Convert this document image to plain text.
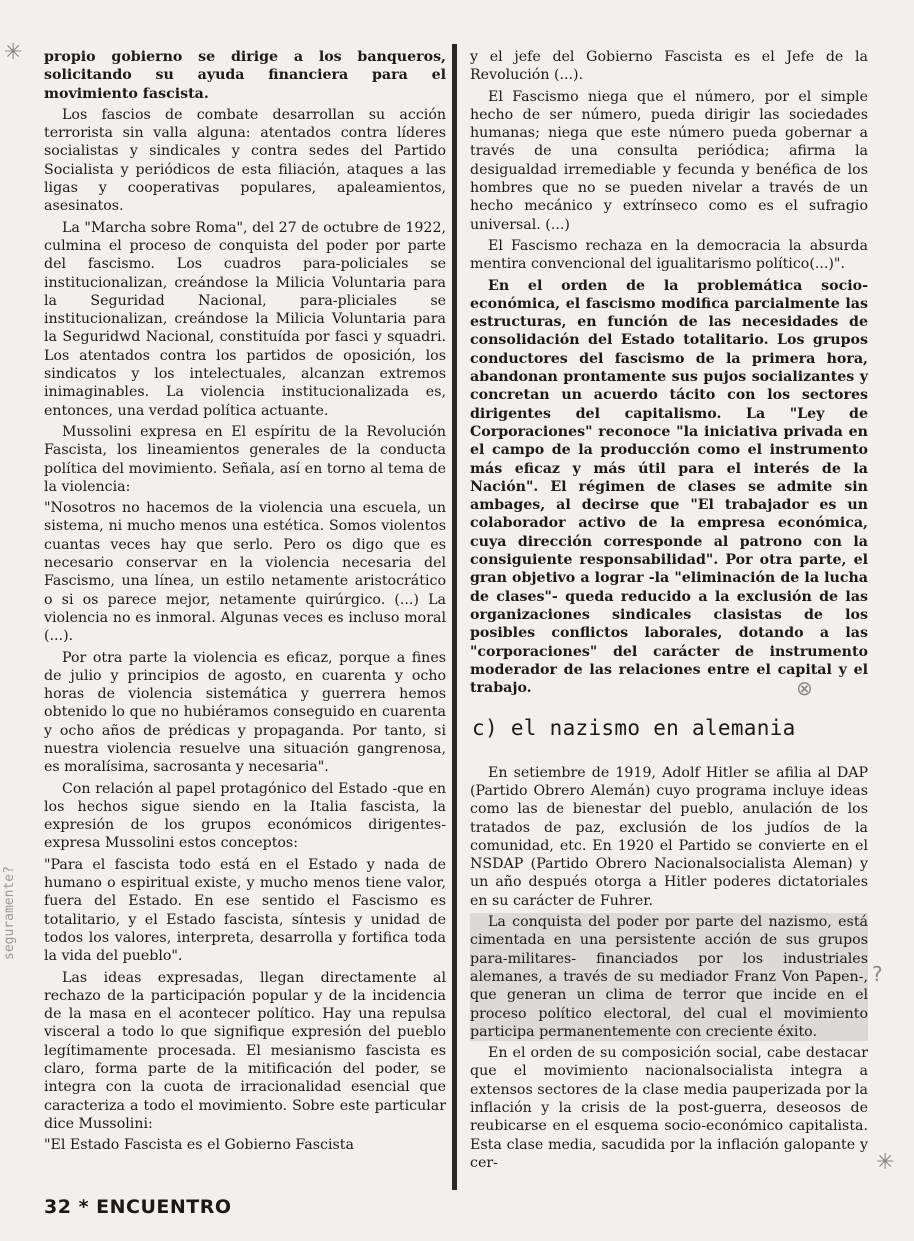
✳
✳
⊗
?
seguramente?

propio gobierno se dirige a los banqueros, solicitando su ayuda financiera para el movimiento fascista.

Los fascios de combate desarrollan su acción terrorista sin valla alguna: atentados contra líderes socialistas y sindicales y contra sedes del Partido Socialista y periódicos de esta filiación, ataques a las ligas y cooperativas populares, apaleamientos, asesinatos.

La "Marcha sobre Roma", del 27 de octubre de 1922, culmina el proceso de conquista del poder por parte del fascismo. Los cuadros para-policiales se institucionalizan, creándose la Milicia Voluntaria para la Seguridad Nacional, para-pliciales se institucionalizan, creándose la Milicia Voluntaria para la Seguridwd Nacional, constituída por fasci y squadri. Los atentados contra los partidos de oposición, los sindicatos y los intelectuales, alcanzan extremos inimaginables. La violencia institucionalizada es, entonces, una verdad política actuante.

Mussolini expresa en El espíritu de la Revolución Fascista, los lineamientos generales de la conducta política del movimiento. Señala, así en torno al tema de la violencia:

"Nosotros no hacemos de la violencia una escuela, un sistema, ni mucho menos una estética. Somos violentos cuantas veces hay que serlo. Pero os digo que es necesario conservar en la violencia necesaria del Fascismo, una línea, un estilo netamente aristocrático o si os parece mejor, netamente quirúrgico. (...) La violencia no es inmoral. Algunas veces es incluso moral (...).

Por otra parte la violencia es eficaz, porque a fines de julio y principios de agosto, en cuarenta y ocho horas de violencia sistemática y guerrera hemos obtenido lo que no hubiéramos conseguido en cuarenta y ocho años de prédicas y propaganda. Por tanto, si nuestra violencia resuelve una situación gangrenosa, es moralísima, sacrosanta y necesaria".

Con relación al papel protagónico del Estado -que en los hechos sigue siendo en la Italia fascista, la expresión de los grupos económicos dirigentes- expresa Mussolini estos conceptos:

"Para el fascista todo está en el Estado y nada de humano o espiritual existe, y mucho menos tiene valor, fuera del Estado. En ese sentido el Fascismo es totalitario, y el Estado fascista, síntesis y unidad de todos los valores, interpreta, desarrolla y fortifica toda la vida del pueblo".

Las ideas expresadas, llegan directamente al rechazo de la participación popular y de la incidencia de la masa en el acontecer político. Hay una repulsa visceral a todo lo que signifique expresión del pueblo legítimamente procesada. El mesianismo fascista es claro, forma parte de la mitificación del poder, se integra con la cuota de irracionalidad esencial que caracteriza a todo el movimiento. Sobre este particular dice Mussolini:

"El Estado Fascista es el Gobierno Fascista

y el jefe del Gobierno Fascista es el Jefe de la Revolución (...).

El Fascismo niega que el número, por el simple hecho de ser número, pueda dirigir las sociedades humanas; niega que este número pueda gobernar a través de una consulta periódica; afirma la desigualdad irremediable y fecunda y benéfica de los hombres que no se pueden nivelar a través de un hecho mecánico y extrínseco como es el sufragio universal. (...)

El Fascismo rechaza en la democracia la absurda mentira convencional del igualitarismo político(...)".

En el orden de la problemática socio-económica, el fascismo modifica parcialmente las estructuras, en función de las necesidades de consolidación del Estado totalitario. Los grupos conductores del fascismo de la primera hora, abandonan prontamente sus pujos socializantes y concretan un acuerdo tácito con los sectores dirigentes del capitalismo. La "Ley de Corporaciones" reconoce "la iniciativa privada en el campo de la producción como el instrumento más eficaz y más útil para el interés de la Nación". El régimen de clases se admite sin ambages, al decirse que "El trabajador es un colaborador activo de la empresa económica, cuya dirección corresponde al patrono con la consiguiente responsabilidad". Por otra parte, el gran objetivo a lograr -la "eliminación de la lucha de clases"- queda reducido a la exclusión de las organizaciones sindicales clasistas de los posibles conflictos laborales, dotando a las "corporaciones" del carácter de instrumento moderador de las relaciones entre el capital y el trabajo.

c) el nazismo en alemania

En setiembre de 1919, Adolf Hitler se afilia al DAP (Partido Obrero Alemán) cuyo programa incluye ideas como las de bienestar del pueblo, anulación de los tratados de paz, exclusión de los judíos de la comunidad, etc. En 1920 el Partido se convierte en el NSDAP (Partido Obrero Nacionalsocialista Aleman) y un año después otorga a Hitler poderes dictatoriales en su carácter de Fuhrer.

La conquista del poder por parte del nazismo, está cimentada en una persistente acción de sus grupos para-militares- financiados por los industriales alemanes, a través de su mediador Franz Von Papen-, que generan un clima de terror que incide en el proceso político electoral, del cual el movimiento participa permanentemente con creciente éxito.

En el orden de su composición social, cabe destacar que el movimiento nacionalsocialista integra a extensos sectores de la clase media pauperizada por la inflación y la crisis de la post-guerra, deseosos de reubicarse en el esquema socio-económico capitalista. Esta clase media, sacudida por la inflación galopante y cer-

32 * ENCUENTRO
